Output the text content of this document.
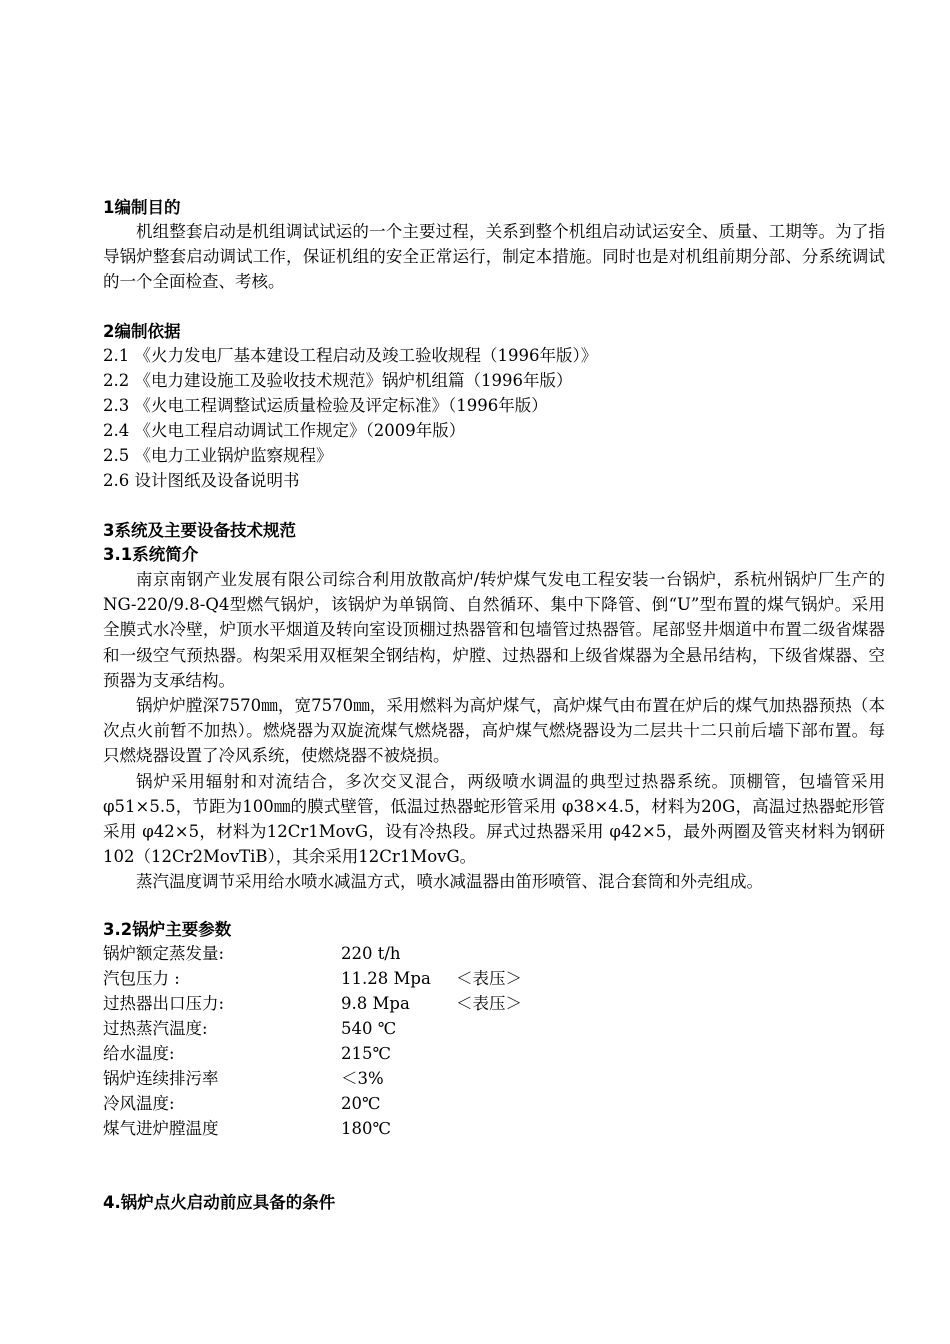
1编制目的

机组整套启动是机组调试试运的一个主要过程，关系到整个机组启动试运安全、质量、工期等。为了指导锅炉整套启动调试工作，保证机组的安全正常运行，制定本措施。同时也是对机组前期分部、分系统调试的一个全面检查、考核。

2编制依据
2.1 《火力发电厂基本建设工程启动及竣工验收规程（1996年版）》
2.2 《电力建设施工及验收技术规范》锅炉机组篇（1996年版）
2.3 《火电工程调整试运质量检验及评定标准》（1996年版）
2.4 《火电工程启动调试工作规定》（2009年版）
2.5 《电力工业锅炉监察规程》
2.6 设计图纸及设备说明书
3系统及主要设备技术规范
3.1系统简介

南京南钢产业发展有限公司综合利用放散高炉/转炉煤气发电工程安装一台锅炉，系杭州锅炉厂生产的NG-220/9.8-Q4型燃气锅炉，该锅炉为单锅筒、自然循环、集中下降管、倒“U”型布置的煤气锅炉。采用全膜式水冷壁，炉顶水平烟道及转向室设顶棚过热器管和包墙管过热器管。尾部竖井烟道中布置二级省煤器和一级空气预热器。构架采用双框架全钢结构，炉膛、过热器和上级省煤器为全悬吊结构，下级省煤器、空预器为支承结构。

锅炉炉膛深7570㎜，宽7570㎜，采用燃料为高炉煤气，高炉煤气由布置在炉后的煤气加热器预热（本次点火前暂不加热）。燃烧器为双旋流煤气燃烧器，高炉煤气燃烧器设为二层共十二只前后墙下部布置。每只燃烧器设置了冷风系统，使燃烧器不被烧损。

锅炉采用辐射和对流结合，多次交叉混合，两级喷水调温的典型过热器系统。顶棚管，包墙管采用 φ51×5.5，节距为100㎜的膜式壁管，低温过热器蛇形管采用 φ38×4.5，材料为20G，高温过热器蛇形管采用 φ42×5，材料为12Cr1MovG，设有冷热段。屏式过热器采用 φ42×5，最外两圈及管夹材料为钢研102（12Cr2MovTiB），其余采用12Cr1MovG。

蒸汽温度调节采用给水喷水减温方式，喷水减温器由笛形喷管、混合套筒和外壳组成。

3.2锅炉主要参数
锅炉额定蒸发量:	220 t/h
汽包压力 :	11.28 Mpa ＜表压＞
过热器出口压力:	9.8 Mpa	＜表压＞
过热蒸汽温度:	540 ℃
给水温度:	215℃
锅炉连续排污率	＜3%
冷风温度:	20℃
煤气进炉膛温度	180℃
4.锅炉点火启动前应具备的条件
